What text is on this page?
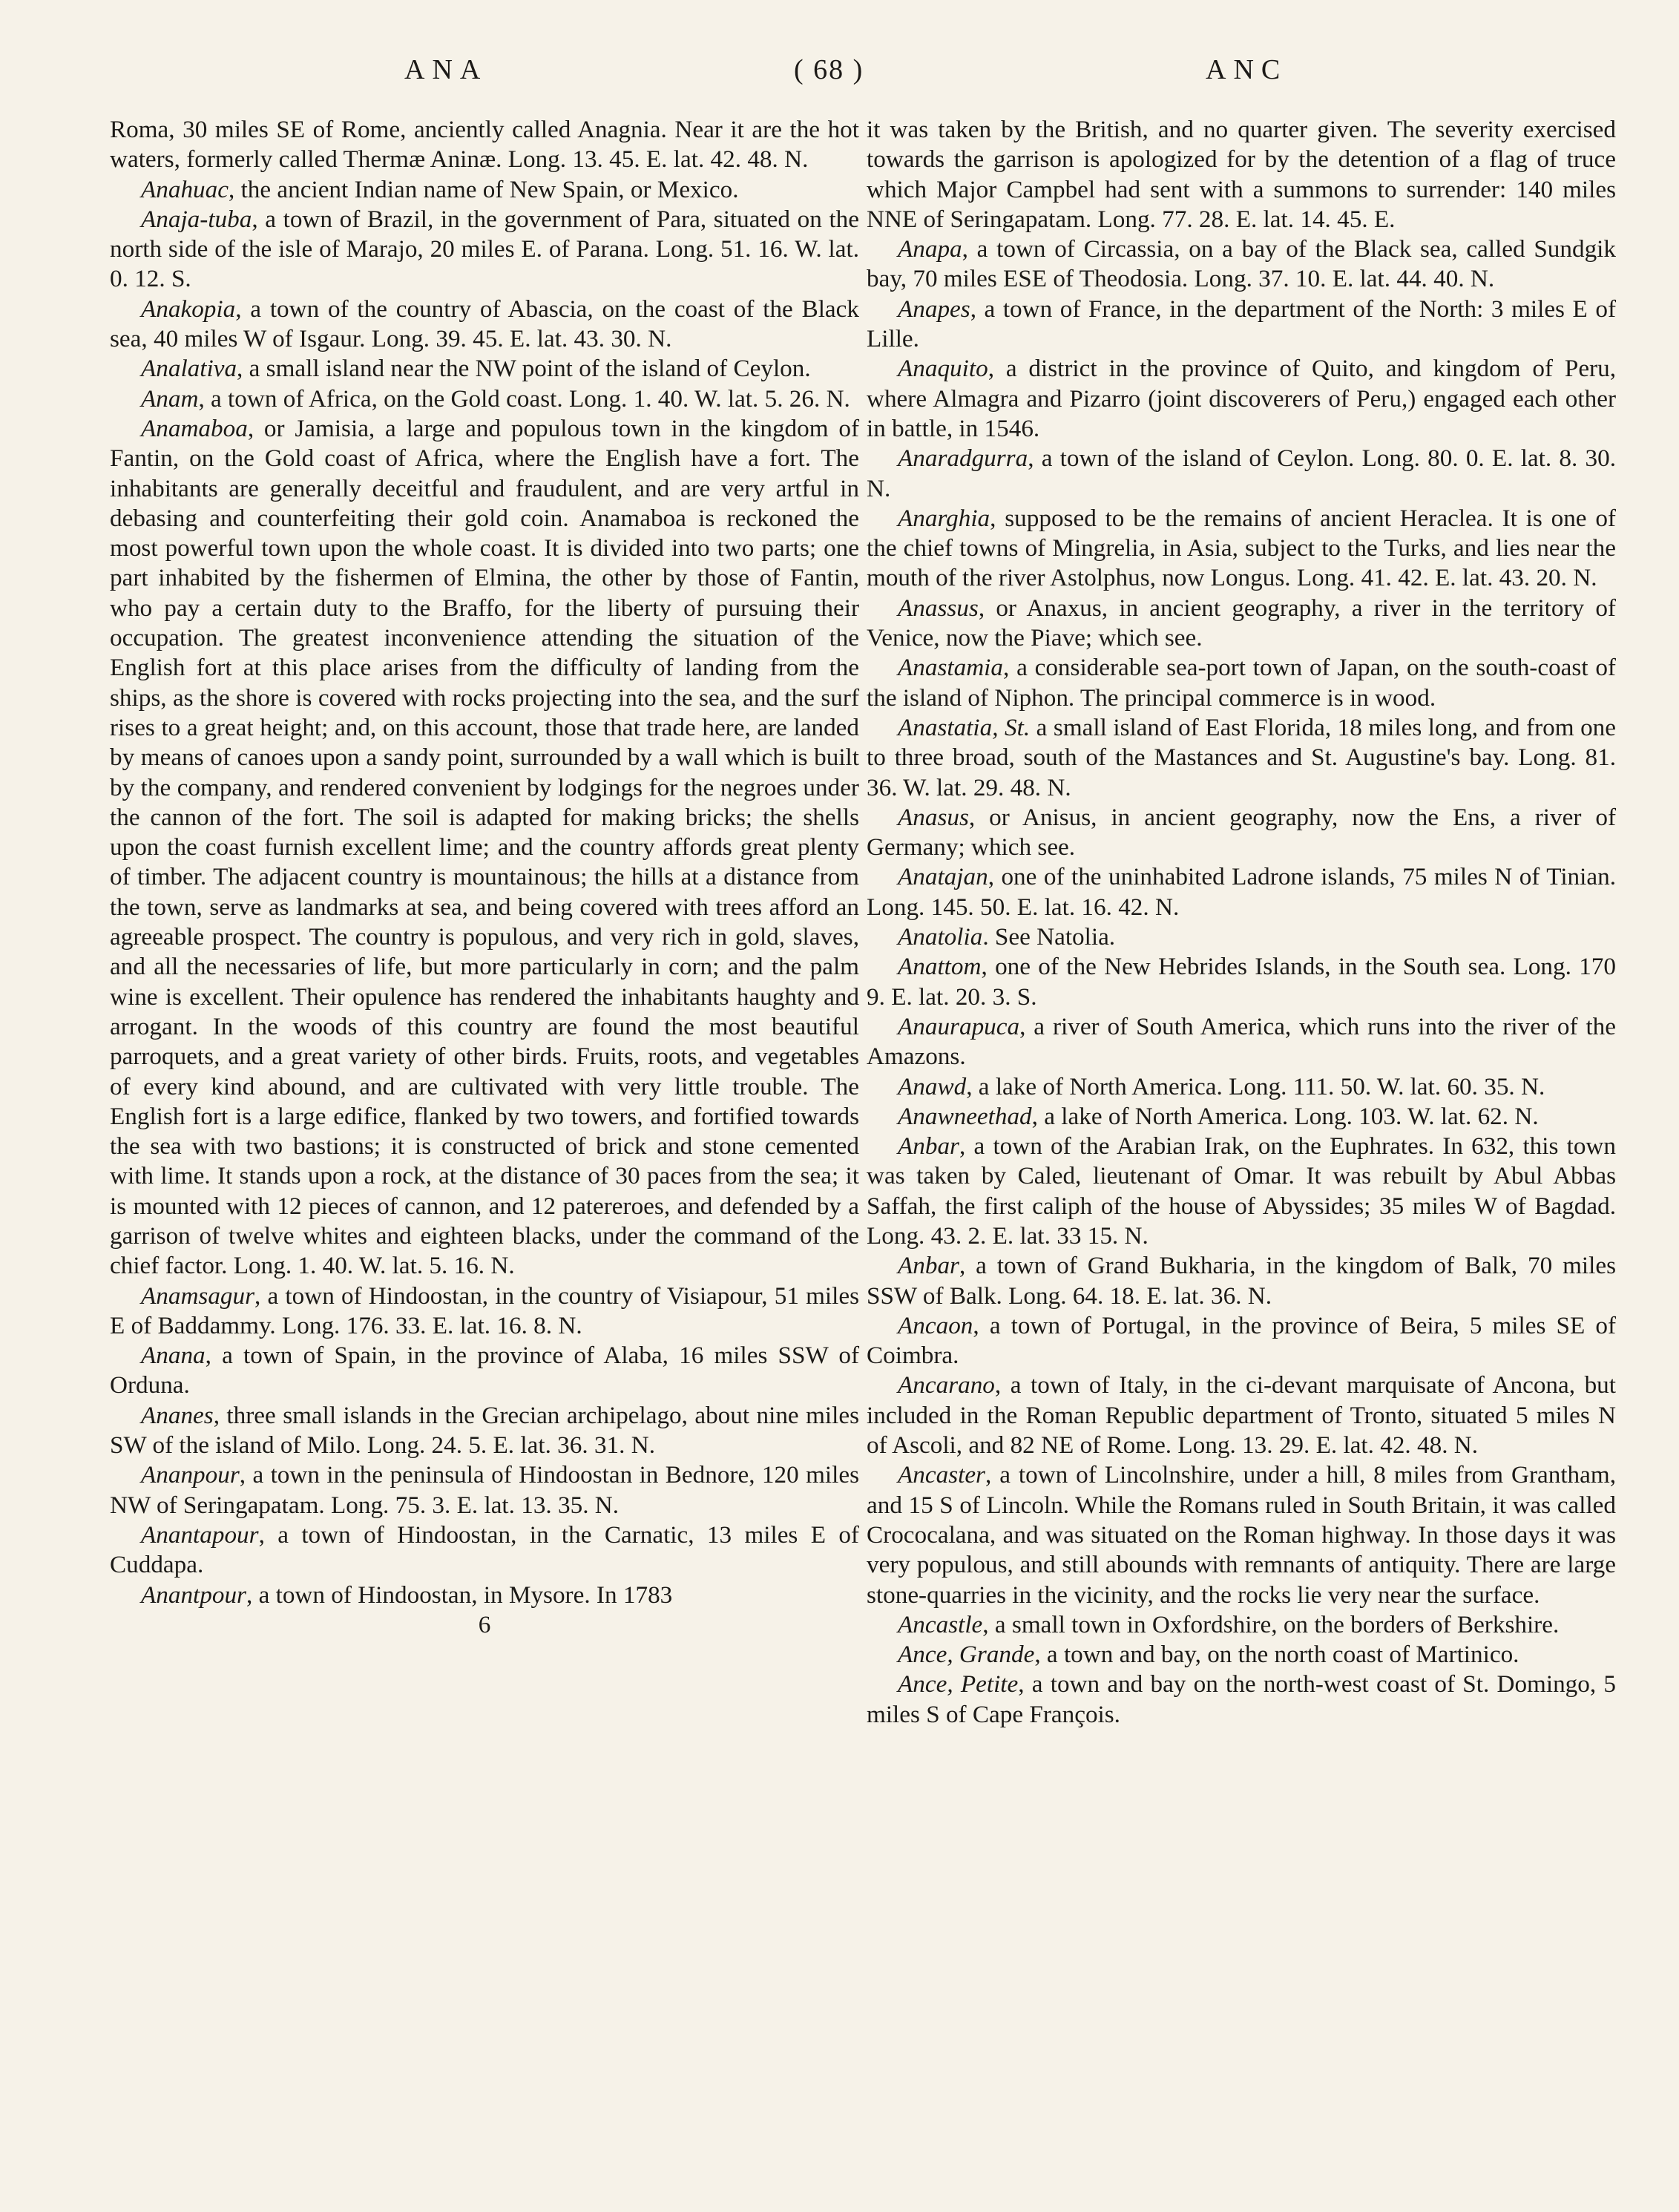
ANA	( 68 )	ANC

Roma, 30 miles SE of Rome, anciently called Anagnia. Near it are the hot waters, formerly called Thermæ Aninæ. Long. 13. 45. E. lat. 42. 48. N.

Anahuac, the ancient Indian name of New Spain, or Mexico.

Anaja-tuba, a town of Brazil, in the government of Para, situated on the north side of the isle of Marajo, 20 miles E. of Parana. Long. 51. 16. W. lat. 0. 12. S.

Anakopia, a town of the country of Abascia, on the coast of the Black sea, 40 miles W of Isgaur. Long. 39. 45. E. lat. 43. 30. N.

Analativa, a small island near the NW point of the island of Ceylon.

Anam, a town of Africa, on the Gold coast. Long. 1. 40. W. lat. 5. 26. N.

Anamaboa, or Jamisia, a large and populous town in the kingdom of Fantin, on the Gold coast of Africa, where the English have a fort. The inhabitants are generally deceitful and fraudulent, and are very artful in debasing and counterfeiting their gold coin. Anamaboa is reckoned the most powerful town upon the whole coast. It is divided into two parts; one part inhabited by the fishermen of Elmina, the other by those of Fantin, who pay a certain duty to the Braffo, for the liberty of pursuing their occupation. The greatest inconvenience attending the situation of the English fort at this place arises from the difficulty of landing from the ships, as the shore is covered with rocks projecting into the sea, and the surf rises to a great height; and, on this account, those that trade here, are landed by means of canoes upon a sandy point, surrounded by a wall which is built by the company, and rendered convenient by lodgings for the negroes under the cannon of the fort. The soil is adapted for making bricks; the shells upon the coast furnish excellent lime; and the country affords great plenty of timber. The adjacent country is mountainous; the hills at a distance from the town, serve as landmarks at sea, and being covered with trees afford an agreeable prospect. The country is populous, and very rich in gold, slaves, and all the necessaries of life, but more particularly in corn; and the palm wine is excellent. Their opulence has rendered the inhabitants haughty and arrogant. In the woods of this country are found the most beautiful parroquets, and a great variety of other birds. Fruits, roots, and vegetables of every kind abound, and are cultivated with very little trouble. The English fort is a large edifice, flanked by two towers, and fortified towards the sea with two bastions; it is constructed of brick and stone cemented with lime. It stands upon a rock, at the distance of 30 paces from the sea; it is mounted with 12 pieces of cannon, and 12 patereroes, and defended by a garrison of twelve whites and eighteen blacks, under the command of the chief factor. Long. 1. 40. W. lat. 5. 16. N.

Anamsagur, a town of Hindoostan, in the country of Visiapour, 51 miles E of Baddammy. Long. 176. 33. E. lat. 16. 8. N.

Anana, a town of Spain, in the province of Alaba, 16 miles SSW of Orduna.

Ananes, three small islands in the Grecian archipelago, about nine miles SW of the island of Milo. Long. 24. 5. E. lat. 36. 31. N.

Ananpour, a town in the peninsula of Hindoostan in Bednore, 120 miles NW of Seringapatam. Long. 75. 3. E. lat. 13. 35. N.

Anantapour, a town of Hindoostan, in the Carnatic, 13 miles E of Cuddapa.

Anantpour, a town of Hindoostan, in Mysore. In 1783

6

it was taken by the British, and no quarter given. The severity exercised towards the garrison is apologized for by the detention of a flag of truce which Major Campbel had sent with a summons to surrender: 140 miles NNE of Seringapatam. Long. 77. 28. E. lat. 14. 45. E.

Anapa, a town of Circassia, on a bay of the Black sea, called Sundgik bay, 70 miles ESE of Theodosia. Long. 37. 10. E. lat. 44. 40. N.

Anapes, a town of France, in the department of the North: 3 miles E of Lille.

Anaquito, a district in the province of Quito, and kingdom of Peru, where Almagra and Pizarro (joint discoverers of Peru,) engaged each other in battle, in 1546.

Anaradgurra, a town of the island of Ceylon. Long. 80. 0. E. lat. 8. 30. N.

Anarghia, supposed to be the remains of ancient Heraclea. It is one of the chief towns of Mingrelia, in Asia, subject to the Turks, and lies near the mouth of the river Astolphus, now Longus. Long. 41. 42. E. lat. 43. 20. N.

Anassus, or Anaxus, in ancient geography, a river in the territory of Venice, now the Piave; which see.

Anastamia, a considerable sea-port town of Japan, on the south-coast of the island of Niphon. The principal commerce is in wood.

Anastatia, St. a small island of East Florida, 18 miles long, and from one to three broad, south of the Mastances and St. Augustine's bay. Long. 81. 36. W. lat. 29. 48. N.

Anasus, or Anisus, in ancient geography, now the Ens, a river of Germany; which see.

Anatajan, one of the uninhabited Ladrone islands, 75 miles N of Tinian. Long. 145. 50. E. lat. 16. 42. N.

Anatolia. See Natolia.

Anattom, one of the New Hebrides Islands, in the South sea. Long. 170 9. E. lat. 20. 3. S.

Anaurapuca, a river of South America, which runs into the river of the Amazons.

Anawd, a lake of North America. Long. 111. 50. W. lat. 60. 35. N.

Anawneethad, a lake of North America. Long. 103. W. lat. 62. N.

Anbar, a town of the Arabian Irak, on the Euphrates. In 632, this town was taken by Caled, lieutenant of Omar. It was rebuilt by Abul Abbas Saffah, the first caliph of the house of Abyssides; 35 miles W of Bagdad. Long. 43. 2. E. lat. 33 15. N.

Anbar, a town of Grand Bukharia, in the kingdom of Balk, 70 miles SSW of Balk. Long. 64. 18. E. lat. 36. N.

Ancaon, a town of Portugal, in the province of Beira, 5 miles SE of Coimbra.

Ancarano, a town of Italy, in the ci-devant marquisate of Ancona, but included in the Roman Republic department of Tronto, situated 5 miles N of Ascoli, and 82 NE of Rome. Long. 13. 29. E. lat. 42. 48. N.

Ancaster, a town of Lincolnshire, under a hill, 8 miles from Grantham, and 15 S of Lincoln. While the Romans ruled in South Britain, it was called Crococalana, and was situated on the Roman highway. In those days it was very populous, and still abounds with remnants of antiquity. There are large stone-quarries in the vicinity, and the rocks lie very near the surface.

Ancastle, a small town in Oxfordshire, on the borders of Berkshire.

Ance, Grande, a town and bay, on the north coast of Martinico.

Ance, Petite, a town and bay on the north-west coast of St. Domingo, 5 miles S of Cape François.
